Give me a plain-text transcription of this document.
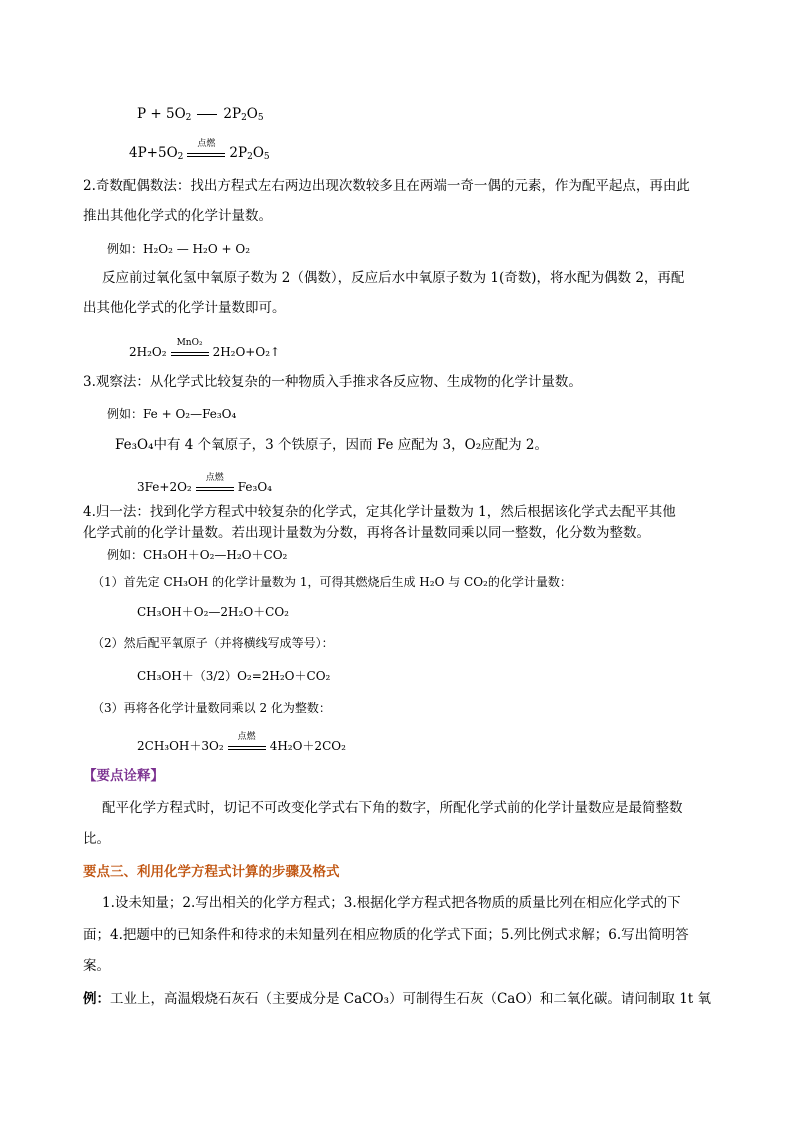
$P + 5O_2$ $2P_2O_5$
$4P+5O_2$
点燃
$2P_2O_5$
2.奇数配偶数法：找出方程式左右两边出现次数较多且在两端一奇一偶的元素，作为配平起点，再由此
推出其他化学式的化学计量数。
例如：H₂O₂ — H₂O + O₂
反应前过氧化氢中氧原子数为 2（偶数），反应后水中氧原子数为 1(奇数)，将水配为偶数 2，再配
出其他化学式的化学计量数即可。
2H₂O₂
MnO₂
2H₂O+O₂↑
3.观察法：从化学式比较复杂的一种物质入手推求各反应物、生成物的化学计量数。
例如：Fe + O₂—Fe₃O₄
Fe₃O₄中有 4 个氧原子，3 个铁原子，因而 Fe 应配为 3，O₂应配为 2。
3Fe+2O₂
点燃
Fe₃O₄
4.归一法：找到化学方程式中较复杂的化学式，定其化学计量数为 1，然后根据该化学式去配平其他
化学式前的化学计量数。若出现计量数为分数，再将各计量数同乘以同一整数，化分数为整数。
例如：CH₃OH＋O₂—H₂O＋CO₂
（1）首先定 CH₃OH 的化学计量数为 1，可得其燃烧后生成 H₂O 与 CO₂的化学计量数：
CH₃OH＋O₂—2H₂O＋CO₂
（2）然后配平氧原子（并将横线写成等号）：
CH₃OH＋（3/2）O₂=2H₂O＋CO₂
（3）再将各化学计量数同乘以 2 化为整数：
2CH₃OH＋3O₂
点燃
4H₂O＋2CO₂
【要点诠释】
配平化学方程式时，切记不可改变化学式右下角的数字，所配化学式前的化学计量数应是最简整数
比。
要点三、利用化学方程式计算的步骤及格式
1.设未知量；2.写出相关的化学方程式；3.根据化学方程式把各物质的质量比列在相应化学式的下
面；4.把题中的已知条件和待求的未知量列在相应物质的化学式下面；5.列比例式求解；6.写出简明答
案。
例：工业上，高温煅烧石灰石（主要成分是 CaCO₃）可制得生石灰（CaO）和二氧化碳。请问制取 1t 氧
